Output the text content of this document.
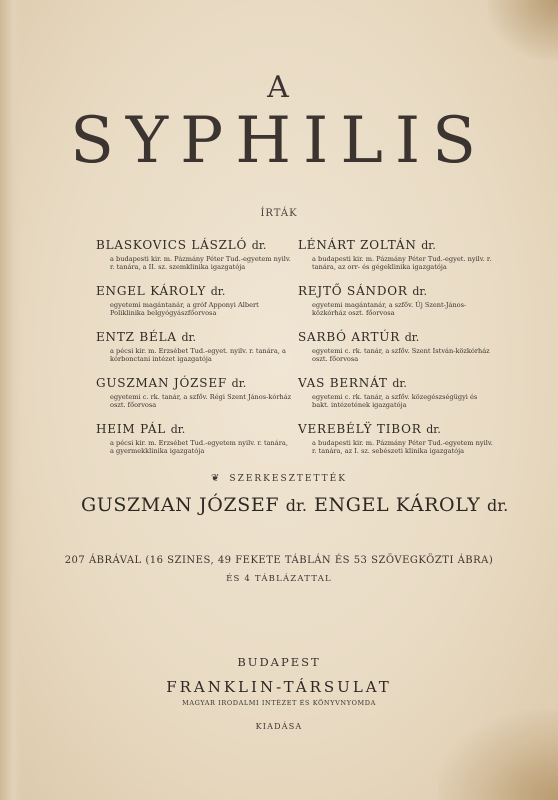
A
SYPHILIS
ÍRTÁK
BLASKOVICS LÁSZLÓ dr.
a budapesti kir. m. Pázmány Péter Tud.-egyetem nyilv. r. tanára, a II. sz. szemklinika igazgatója
ENGEL KÁROLY dr.
egyetemi magántanár, a gróf Apponyi Albert Poliklinika belgyógyászfőorvosa
ENTZ BÉLA dr.
a pécsi kir. m. Erzsébet Tud.-egyet. nyilv. r. tanára, a kórbonctani intézet igazgatója
GUSZMAN JÓZSEF dr.
egyetemi c. rk. tanár, a szfőv. Régi Szent János-kórház oszt. főorvosa
HEIM PÁL dr.
a pécsi kir. m. Erzsébet Tud.-egyetem nyilv. r. tanára, a gyermekklinika igazgatója
LÉNÁRT ZOLTÁN dr.
a budapesti kir. m. Pázmány Péter Tud.-egyet. nyilv. r. tanára, az orr- és gégeklinika igazgatója
REJTŐ SÁNDOR dr.
egyetemi magántanár, a szfőv. Új Szent-János-közkórház oszt. főorvosa
SARBÓ ARTÚR dr.
egyetemi c. rk. tanár, a szfőv. Szent István-közkórház oszt. főorvosa
VAS BERNÁT dr.
egyetemi c. rk. tanár, a szfőv. közegészségügyi és bakt. intézetének igazgatója
VEREBÉLŸ TIBOR dr.
a budapesti kir. m. Pázmány Péter Tud.-egyetem nyilv. r. tanára, az I. sz. sebészeti klinika igazgatója
❦ SZERKESZTETTÉK
GUSZMAN JÓZSEF dr. ENGEL KÁROLY dr.
207 ÁBRÁVAL (16 SZINES, 49 FEKETE TÁBLÁN ÉS 53 SZÖVEGKÖZTI ÁBRA)
ÉS 4 TÁBLÁZATTAL
BUDAPEST
FRANKLIN-TÁRSULAT
MAGYAR IRODALMI INTÉZET ÉS KÖNYVNYOMDA
KIADÁSA
